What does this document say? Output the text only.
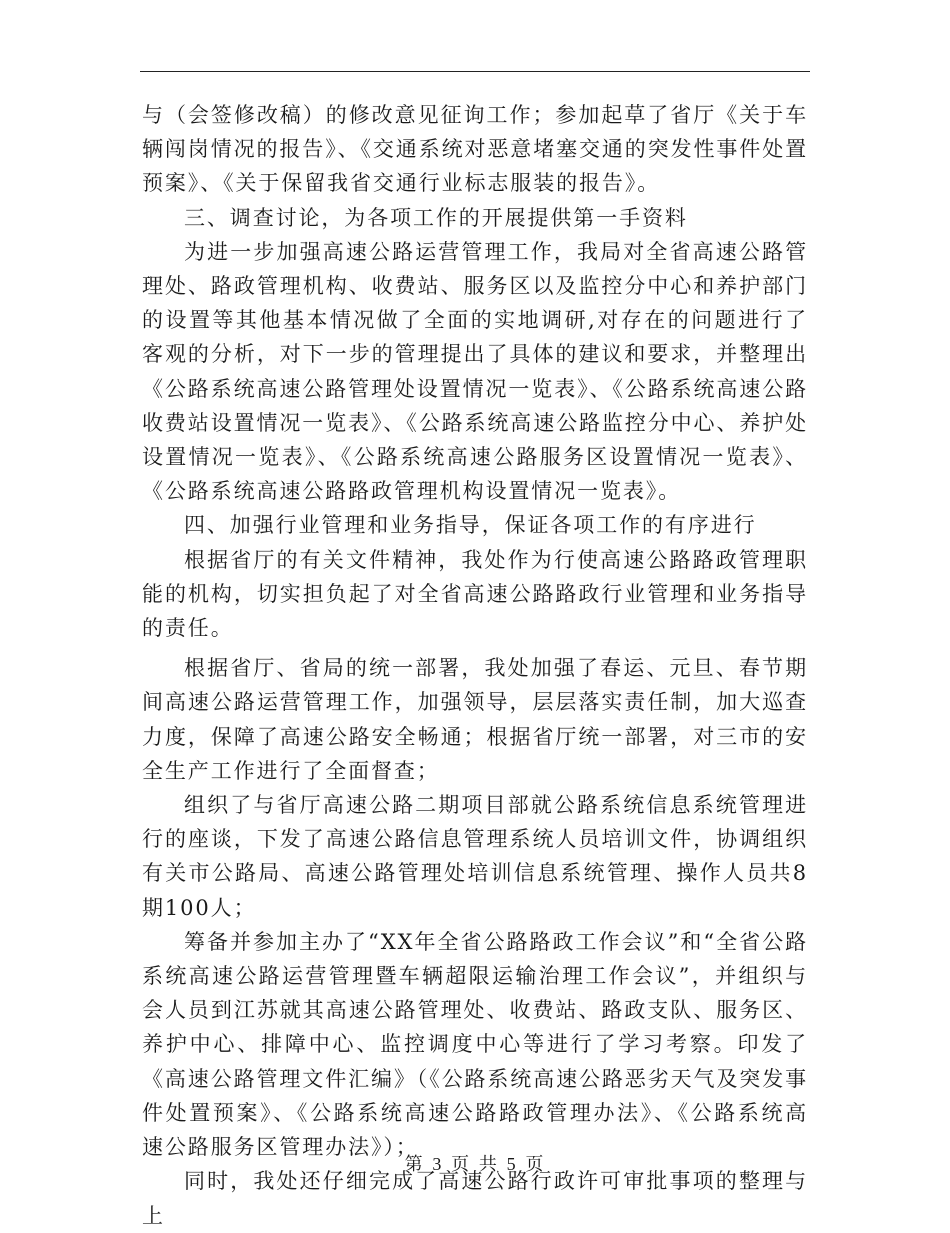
与（会签修改稿）的修改意见征询工作；参加起草了省厅《关于车辆闯岗情况的报告》、《交通系统对恶意堵塞交通的突发性事件处置预案》、《关于保留我省交通行业标志服装的报告》。

三、调查讨论，为各项工作的开展提供第一手资料

为进一步加强高速公路运营管理工作，我局对全省高速公路管理处、路政管理机构、收费站、服务区以及监控分中心和养护部门的设置等其他基本情况做了全面的实地调研,对存在的问题进行了客观的分析，对下一步的管理提出了具体的建议和要求，并整理出《公路系统高速公路管理处设置情况一览表》、《公路系统高速公路收费站设置情况一览表》、《公路系统高速公路监控分中心、养护处设置情况一览表》、《公路系统高速公路服务区设置情况一览表》、《公路系统高速公路路政管理机构设置情况一览表》。

四、加强行业管理和业务指导，保证各项工作的有序进行

根据省厅的有关文件精神，我处作为行使高速公路路政管理职能的机构，切实担负起了对全省高速公路路政行业管理和业务指导的责任。

根据省厅、省局的统一部署，我处加强了春运、元旦、春节期间高速公路运营管理工作，加强领导，层层落实责任制，加大巡查力度，保障了高速公路安全畅通；根据省厅统一部署，对三市的安全生产工作进行了全面督查；

组织了与省厅高速公路二期项目部就公路系统信息系统管理进行的座谈，下发了高速公路信息管理系统人员培训文件，协调组织有关市公路局、高速公路管理处培训信息系统管理、操作人员共8期100人；

筹备并参加主办了“XX年全省公路路政工作会议”和“全省公路系统高速公路运营管理暨车辆超限运输治理工作会议”，并组织与会人员到江苏就其高速公路管理处、收费站、路政支队、服务区、养护中心、排障中心、监控调度中心等进行了学习考察。印发了《高速公路管理文件汇编》（《公路系统高速公路恶劣天气及突发事件处置预案》、《公路系统高速公路路政管理办法》、《公路系统高速公路服务区管理办法》）；

同时，我处还仔细完成了高速公路行政许可审批事项的整理与上

第 3 页 共 5 页
